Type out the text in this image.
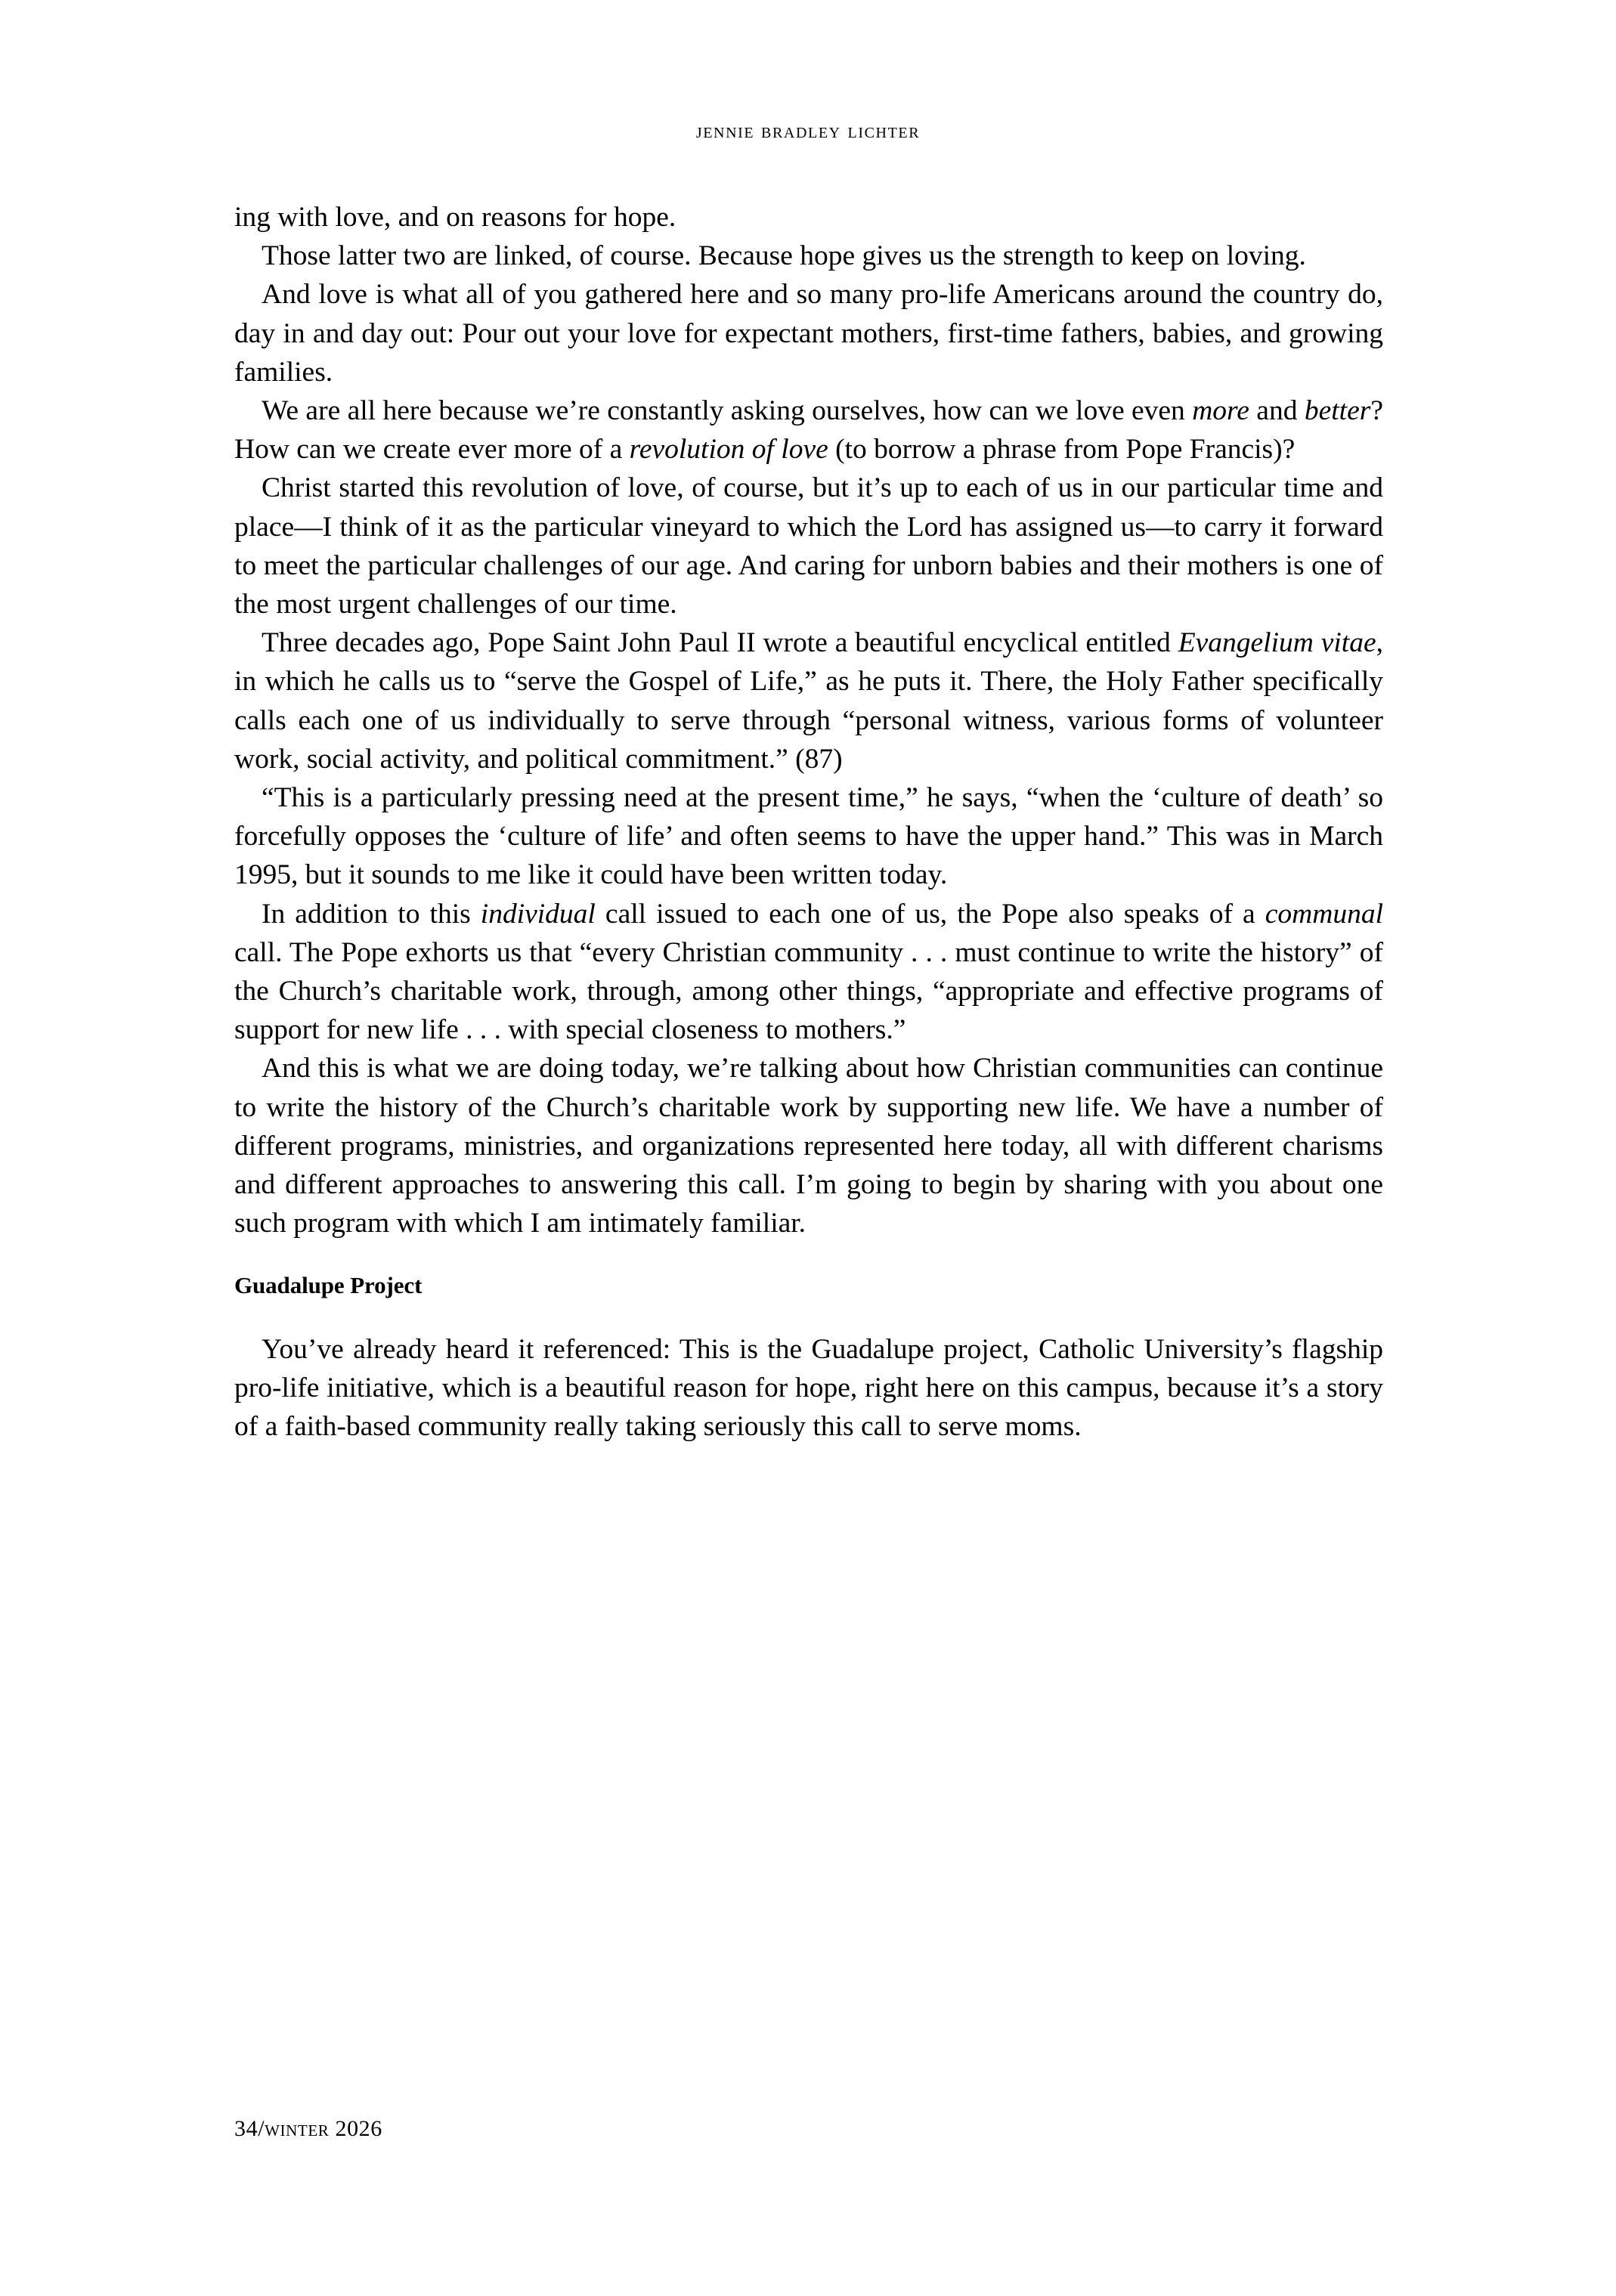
jennie bradley lichter

ing with love, and on reasons for hope.

Those latter two are linked, of course. Because hope gives us the strength to keep on loving.

And love is what all of you gathered here and so many pro-life Americans around the country do, day in and day out: Pour out your love for expectant mothers, first-time fathers, babies, and growing families.

We are all here because we’re constantly asking ourselves, how can we love even more and better? How can we create ever more of a revolution of love (to borrow a phrase from Pope Francis)?

Christ started this revolution of love, of course, but it’s up to each of us in our particular time and place—I think of it as the particular vineyard to which the Lord has assigned us—to carry it forward to meet the particular challenges of our age. And caring for unborn babies and their mothers is one of the most urgent challenges of our time.

Three decades ago, Pope Saint John Paul II wrote a beautiful encyclical entitled Evangelium vitae, in which he calls us to “serve the Gospel of Life,” as he puts it. There, the Holy Father specifically calls each one of us individually to serve through “personal witness, various forms of volunteer work, social activity, and political commitment.” (87)

“This is a particularly pressing need at the present time,” he says, “when the ‘culture of death’ so forcefully opposes the ‘culture of life’ and often seems to have the upper hand.” This was in March 1995, but it sounds to me like it could have been written today.

In addition to this individual call issued to each one of us, the Pope also speaks of a communal call. The Pope exhorts us that “every Christian community . . . must continue to write the history” of the Church’s charitable work, through, among other things, “appropriate and effective programs of support for new life . . . with special closeness to mothers.”

And this is what we are doing today, we’re talking about how Christian communities can continue to write the history of the Church’s charitable work by supporting new life. We have a number of different programs, ministries, and organizations represented here today, all with different charisms and different approaches to answering this call. I’m going to begin by sharing with you about one such program with which I am intimately familiar.

Guadalupe Project

You’ve already heard it referenced: This is the Guadalupe project, Catholic University’s flagship pro-life initiative, which is a beautiful reason for hope, right here on this campus, because it’s a story of a faith-based community really taking seriously this call to serve moms.

34/winter 2026
